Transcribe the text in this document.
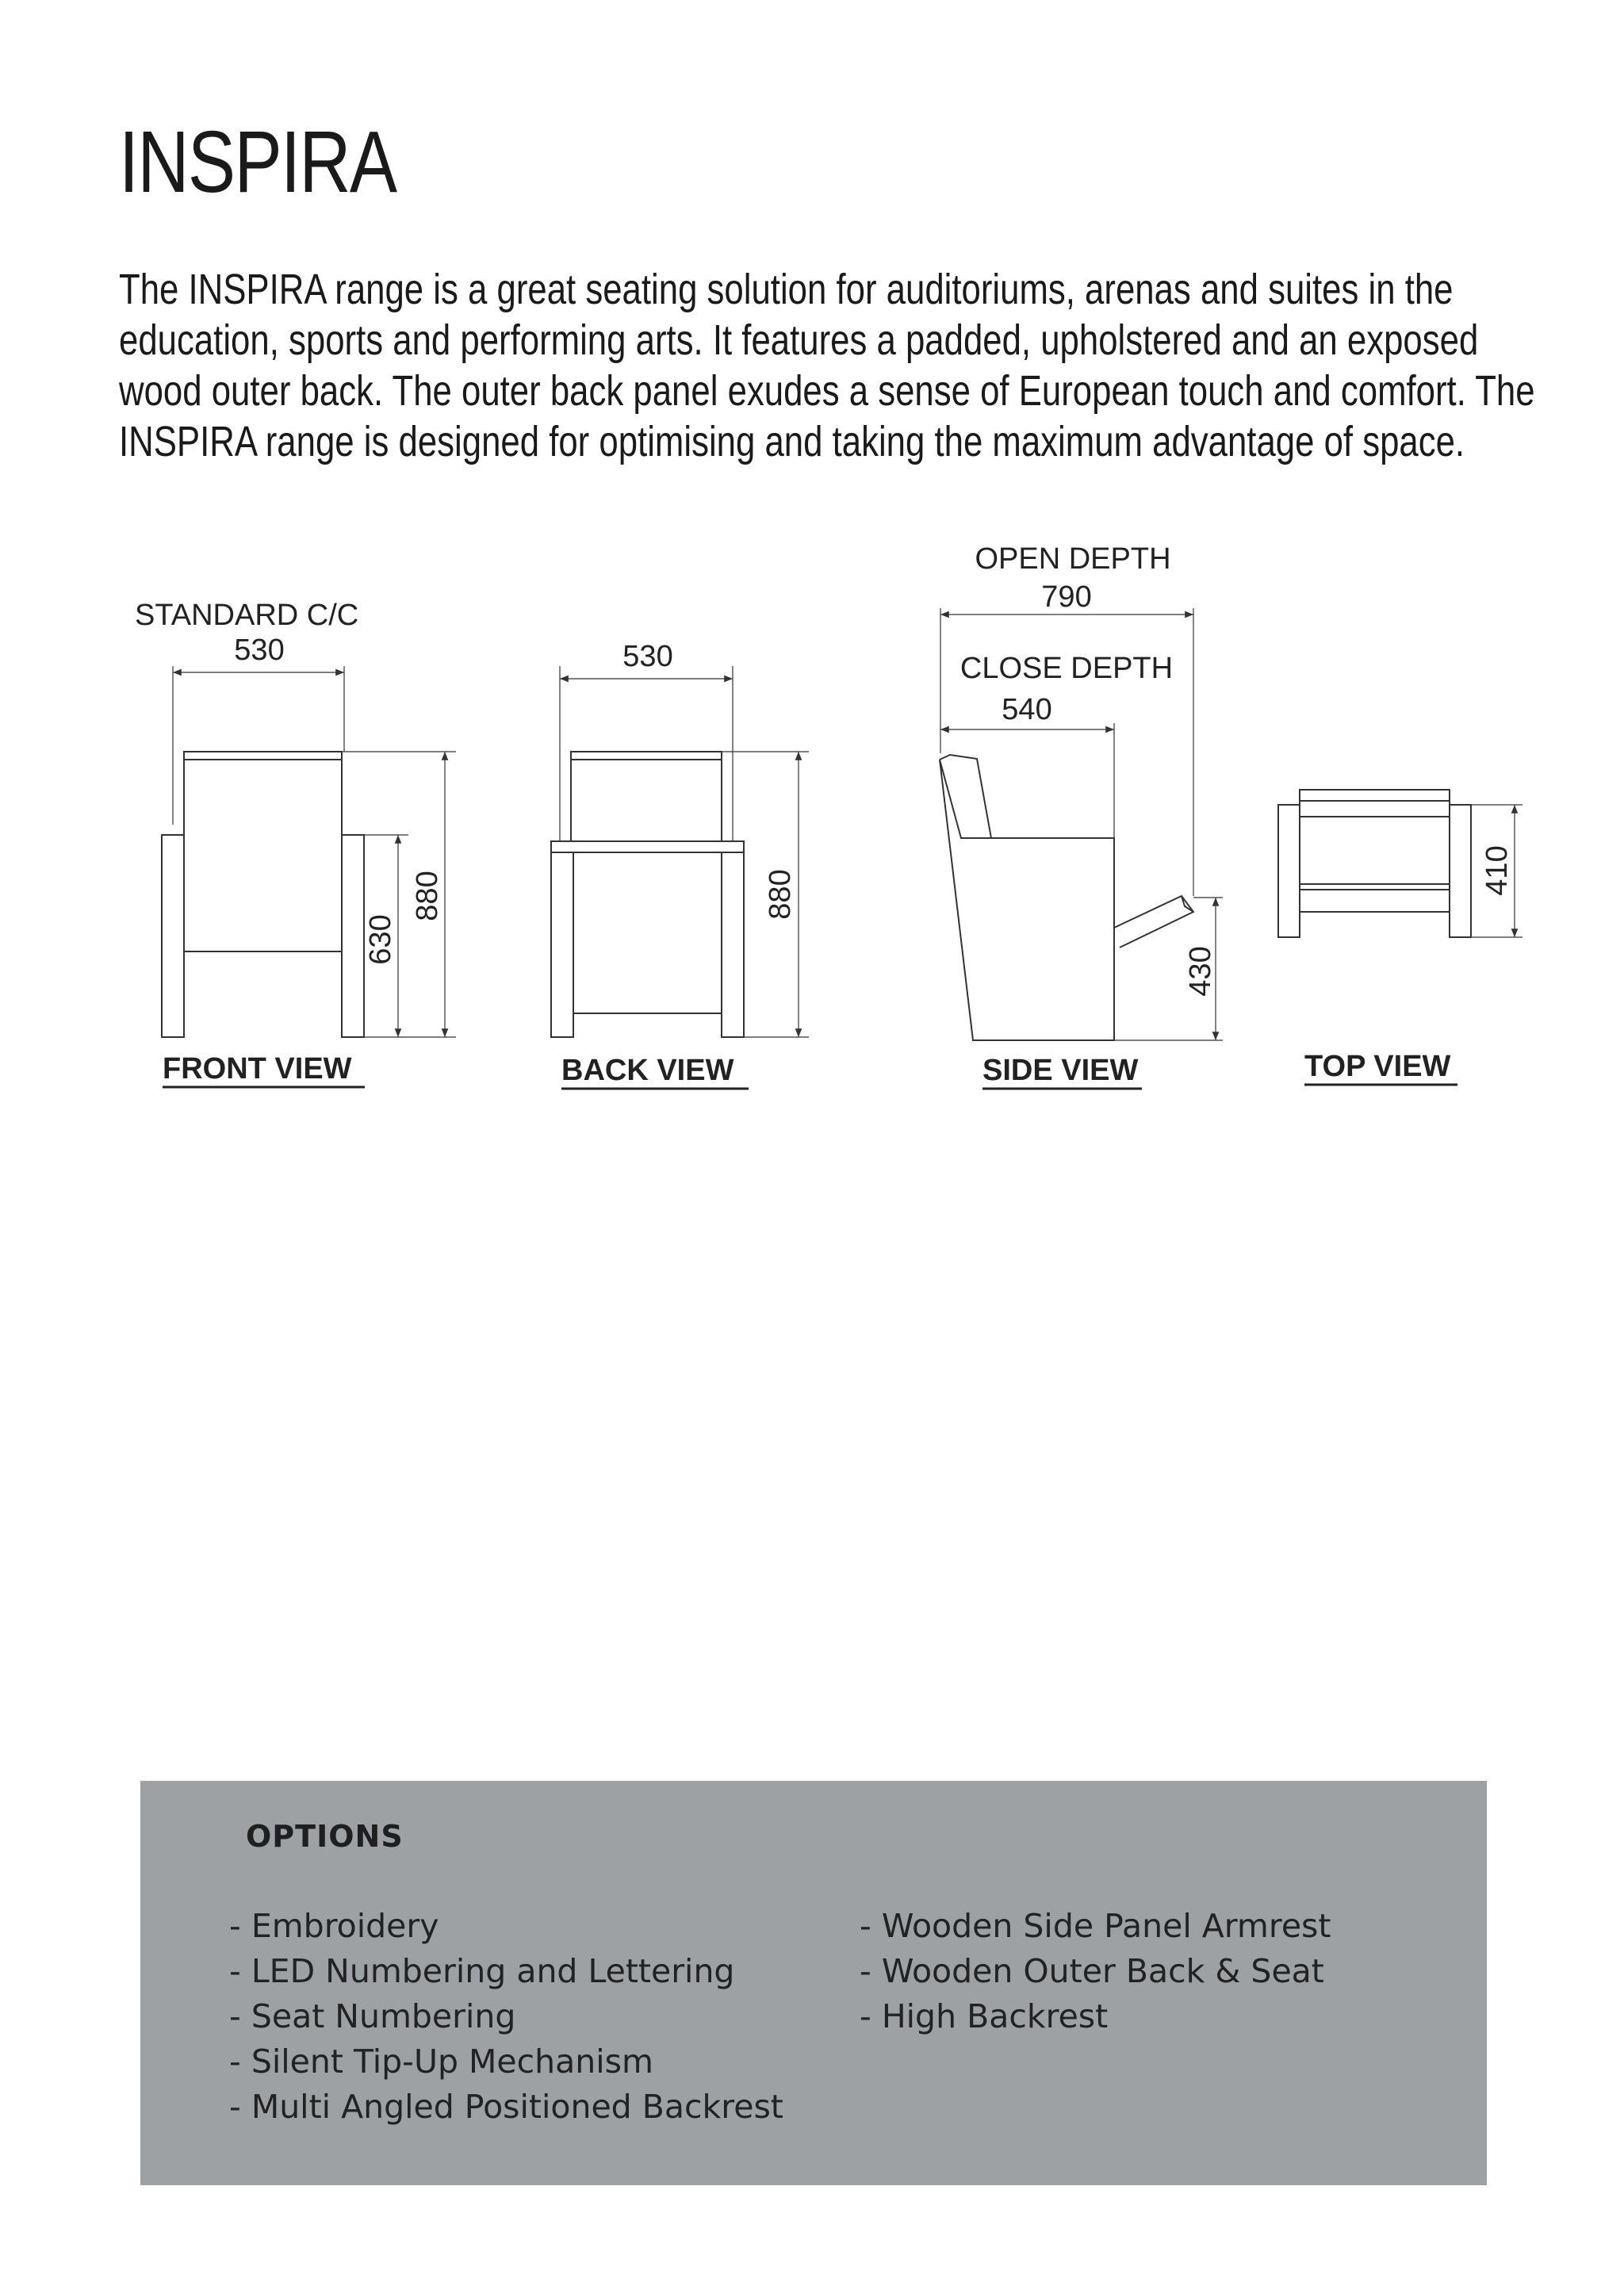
INSPIRA
The INSPIRA range is a great seating solution for auditoriums, arenas and suites in the
education, sports and performing arts. It features a padded, upholstered and an exposed
wood outer back. The outer back panel exudes a sense of European touch and comfort. The
INSPIRA range is designed for optimising and taking the maximum advantage of space.
STANDARD C/C
530
630
880
FRONT VIEW
530
880
BACK VIEW
OPEN DEPTH
790
CLOSE DEPTH
540
430
SIDE VIEW
410
TOP VIEW
OPTIONS
- Embroidery
- LED Numbering and Lettering
- Seat Numbering
- Silent Tip-Up Mechanism
- Multi Angled Positioned Backrest
- Wooden Side Panel Armrest
- Wooden Outer Back & Seat
- High Backrest
